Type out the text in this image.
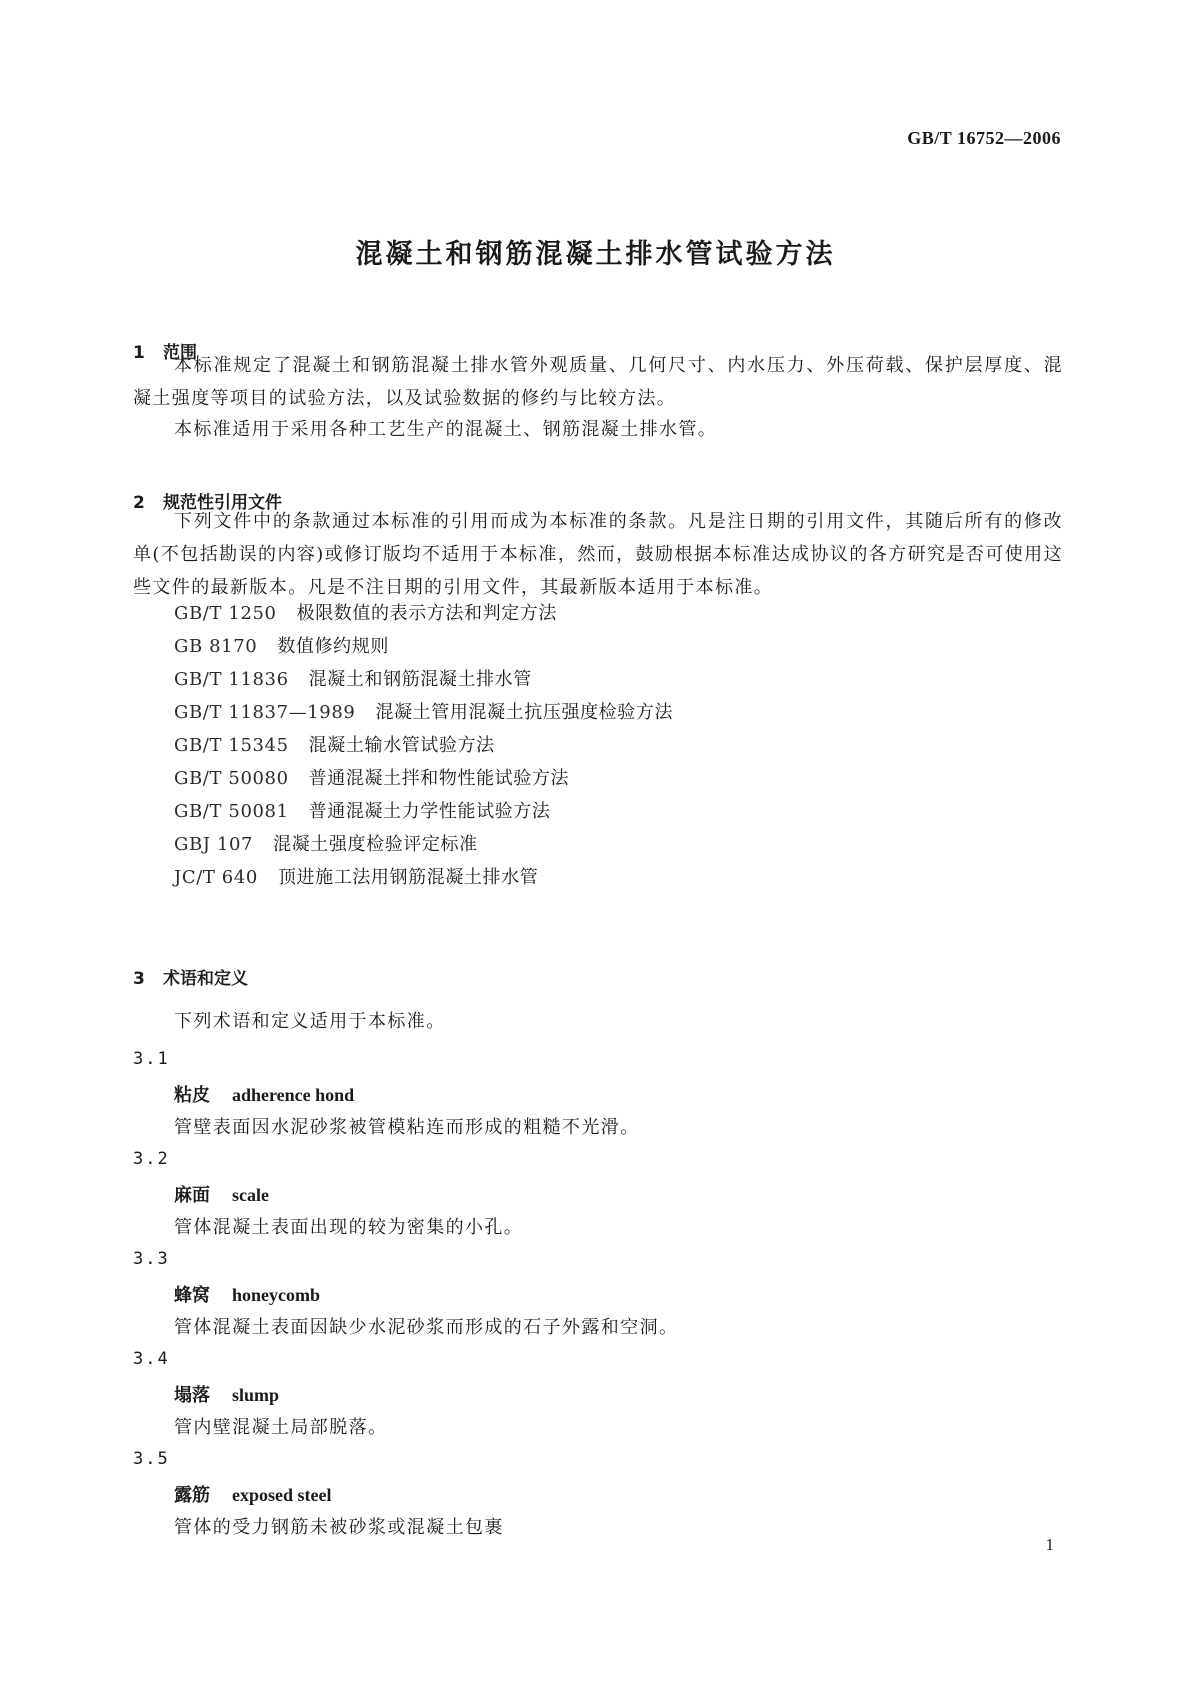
GB/T 16752—2006
混凝土和钢筋混凝土排水管试验方法
1 范围
本标准规定了混凝土和钢筋混凝土排水管外观质量、几何尺寸、内水压力、外压荷载、保护层厚度、混凝土强度等项目的试验方法，以及试验数据的修约与比较方法。
本标准适用于采用各种工艺生产的混凝土、钢筋混凝土排水管。
2 规范性引用文件
下列文件中的条款通过本标准的引用而成为本标准的条款。凡是注日期的引用文件，其随后所有的修改单(不包括勘误的内容)或修订版均不适用于本标准，然而，鼓励根据本标准达成协议的各方研究是否可使用这些文件的最新版本。凡是不注日期的引用文件，其最新版本适用于本标准。
GB/T 1250 极限数值的表示方法和判定方法
GB 8170 数值修约规则
GB/T 11836 混凝土和钢筋混凝土排水管
GB/T 11837—1989 混凝土管用混凝土抗压强度检验方法
GB/T 15345 混凝土输水管试验方法
GB/T 50080 普通混凝土拌和物性能试验方法
GB/T 50081 普通混凝土力学性能试验方法
GBJ 107 混凝土强度检验评定标准
JC/T 640 顶进施工法用钢筋混凝土排水管
3 术语和定义
下列术语和定义适用于本标准。
3.1
粘皮 adherence hond
管壁表面因水泥砂浆被管模粘连而形成的粗糙不光滑。
3.2
麻面 scale
管体混凝土表面出现的较为密集的小孔。
3.3
蜂窝 honeycomb
管体混凝土表面因缺少水泥砂浆而形成的石子外露和空洞。
3.4
塌落 slump
管内壁混凝土局部脱落。
3.5
露筋 exposed steel
管体的受力钢筋未被砂浆或混凝土包裹
1
